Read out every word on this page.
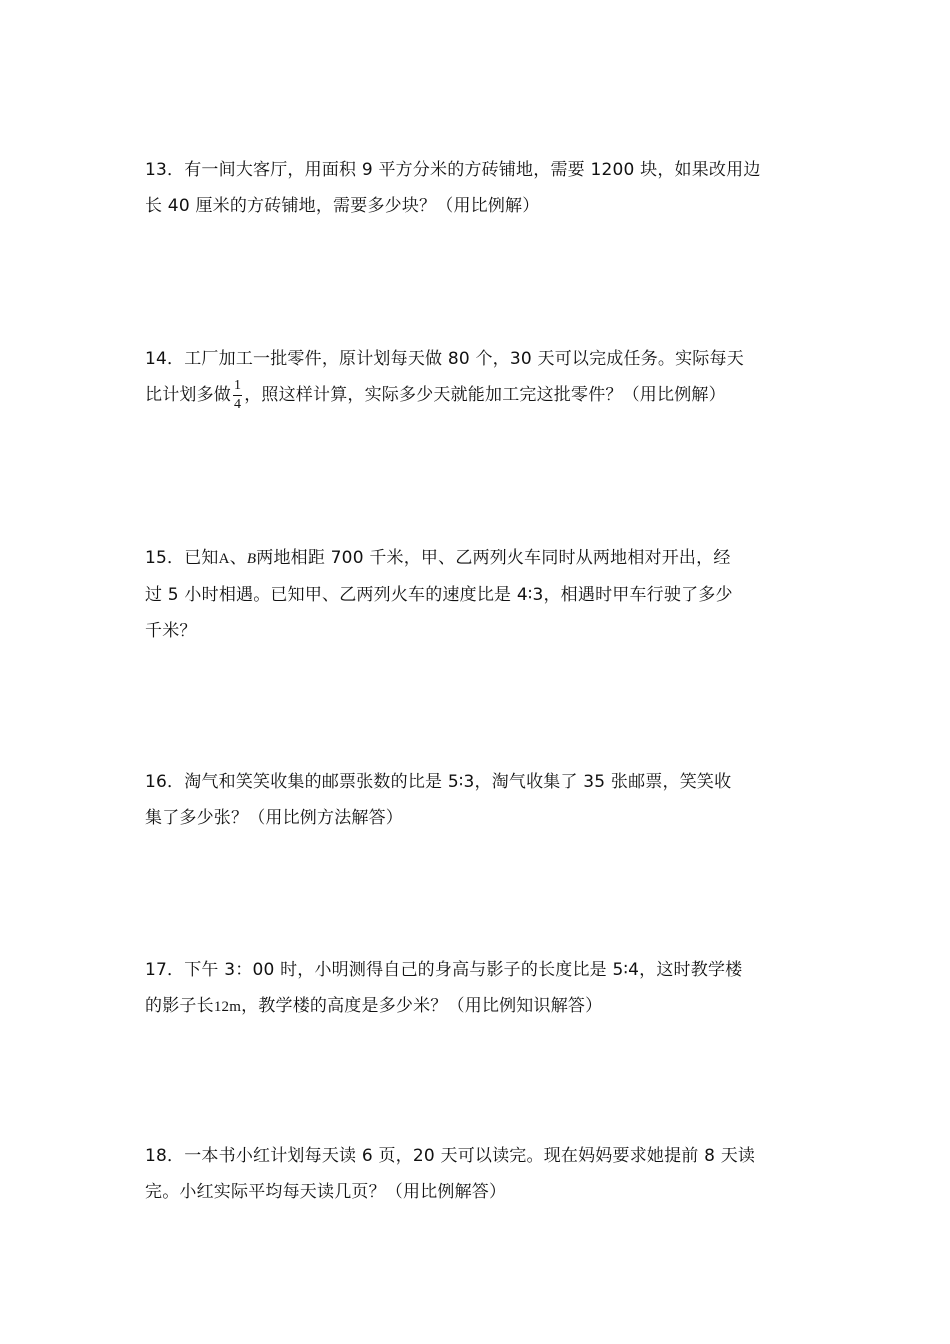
13．有一间大客厅，用面积 9 平方分米的方砖铺地，需要 1200 块，如果改用边

长 40 厘米的方砖铺地，需要多少块？（用比例解）

14．工厂加工一批零件，原计划每天做 80 个，30 天可以完成任务。实际每天

比计划多做 $\frac{1}{4}$ ，照这样计算，实际多少天就能加工完这批零件？（用比例解）

15．已知A、B两地相距 700 千米，甲、乙两列火车同时从两地相对开出，经

过 5 小时相遇。已知甲、乙两列火车的速度比是 4∶3，相遇时甲车行驶了多少

千米？

16．淘气和笑笑收集的邮票张数的比是 5∶3，淘气收集了 35 张邮票，笑笑收

集了多少张？（用比例方法解答）

17．下午 3：00 时，小明测得自己的身高与影子的长度比是 5∶4，这时教学楼

的影子长12m，教学楼的高度是多少米？（用比例知识解答）

18．一本书小红计划每天读 6 页，20 天可以读完。现在妈妈要求她提前 8 天读

完。小红实际平均每天读几页？（用比例解答）
